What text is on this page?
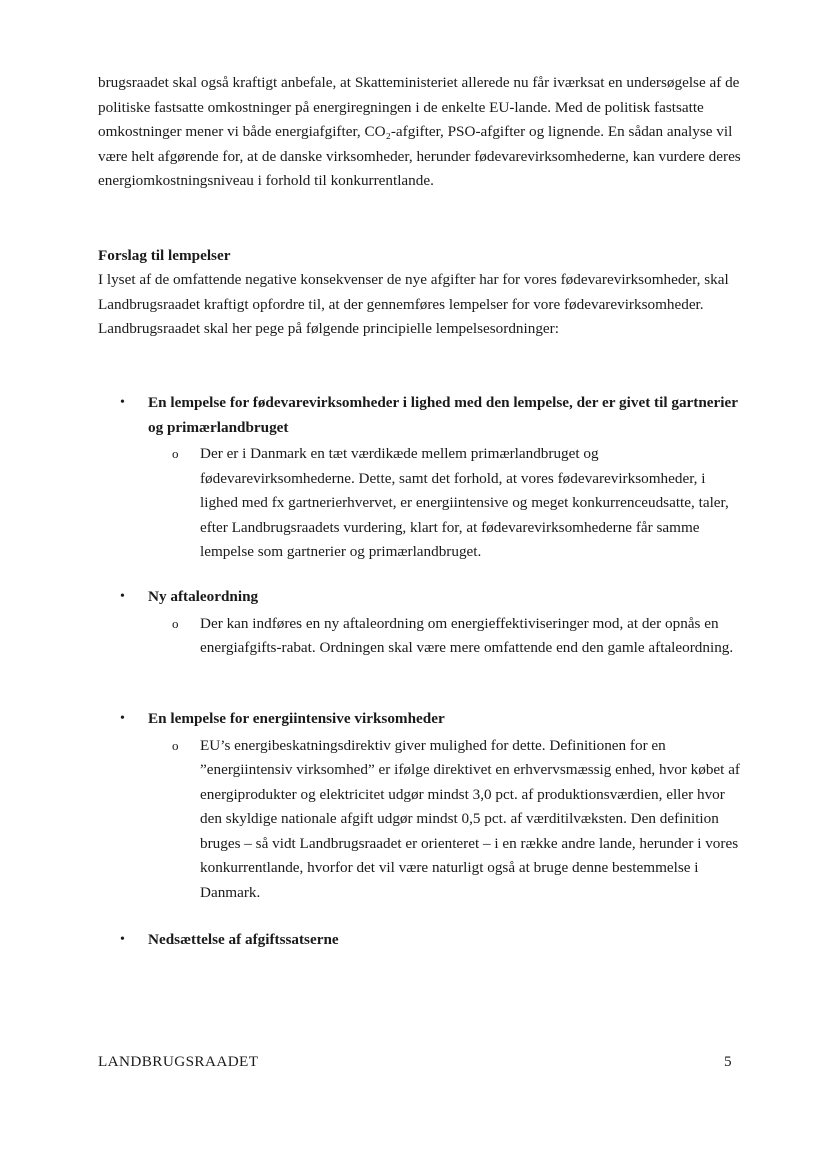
brugsraadet skal også kraftigt anbefale, at Skatteministeriet allerede nu får iværksat en undersøgelse af de politiske fastsatte omkostninger på energiregningen i de enkelte EU-lande. Med de politisk fastsatte omkostninger mener vi både energiafgifter, CO₂-afgifter, PSO-afgifter og lignende. En sådan analyse vil være helt afgørende for, at de danske virksomheder, herunder fødevarevirksomhederne, kan vurdere deres energiomkostningsniveau i forhold til konkurrentlande.

Forslag til lempelser

I lyset af de omfattende negative konsekvenser de nye afgifter har for vores fødevarevirksomheder, skal Landbrugsraadet kraftigt opfordre til, at der gennemføres lempelser for vore fødevarevirksomheder. Landbrugsraadet skal her pege på følgende principielle lempelsesordninger:

•	En lempelse for fødevarevirksomheder i lighed med den lempelse, der er givet til gartnerier og primærlandbruget
o Der er i Danmark en tæt værdikæde mellem primærlandbruget og fødevarevirksomhederne. Dette, samt det forhold, at vores fødevarevirksomheder, i lighed med fx gartnerierhvervet, er energiintensive og meget konkurrenceudsatte, taler, efter Landbrugsraadets vurdering, klart for, at fødevarevirksomhederne får samme lempelse som gartnerier og primærlandbruget.
•	Ny aftaleordning
o Der kan indføres en ny aftaleordning om energieffektiviseringer mod, at der opnås en energiafgifts-rabat. Ordningen skal være mere omfattende end den gamle aftaleordning.
•	En lempelse for energiintensive virksomheder
o EU’s energibeskatningsdirektiv giver mulighed for dette. Definitionen for en ”energiintensiv virksomhed” er ifølge direktivet en erhvervsmæssig enhed, hvor købet af energiprodukter og elektricitet udgør mindst 3,0 pct. af produktionsværdien, eller hvor den skyldige nationale afgift udgør mindst 0,5 pct. af værditilvæksten. Den definition bruges – så vidt Landbrugsraadet er orienteret – i en række andre lande, herunder i vores konkurrentlande, hvorfor det vil være naturligt også at bruge denne bestemmelse i Danmark.
•	Nedsættelse af afgiftssatserne
LANDBRUGSRAADET	5
